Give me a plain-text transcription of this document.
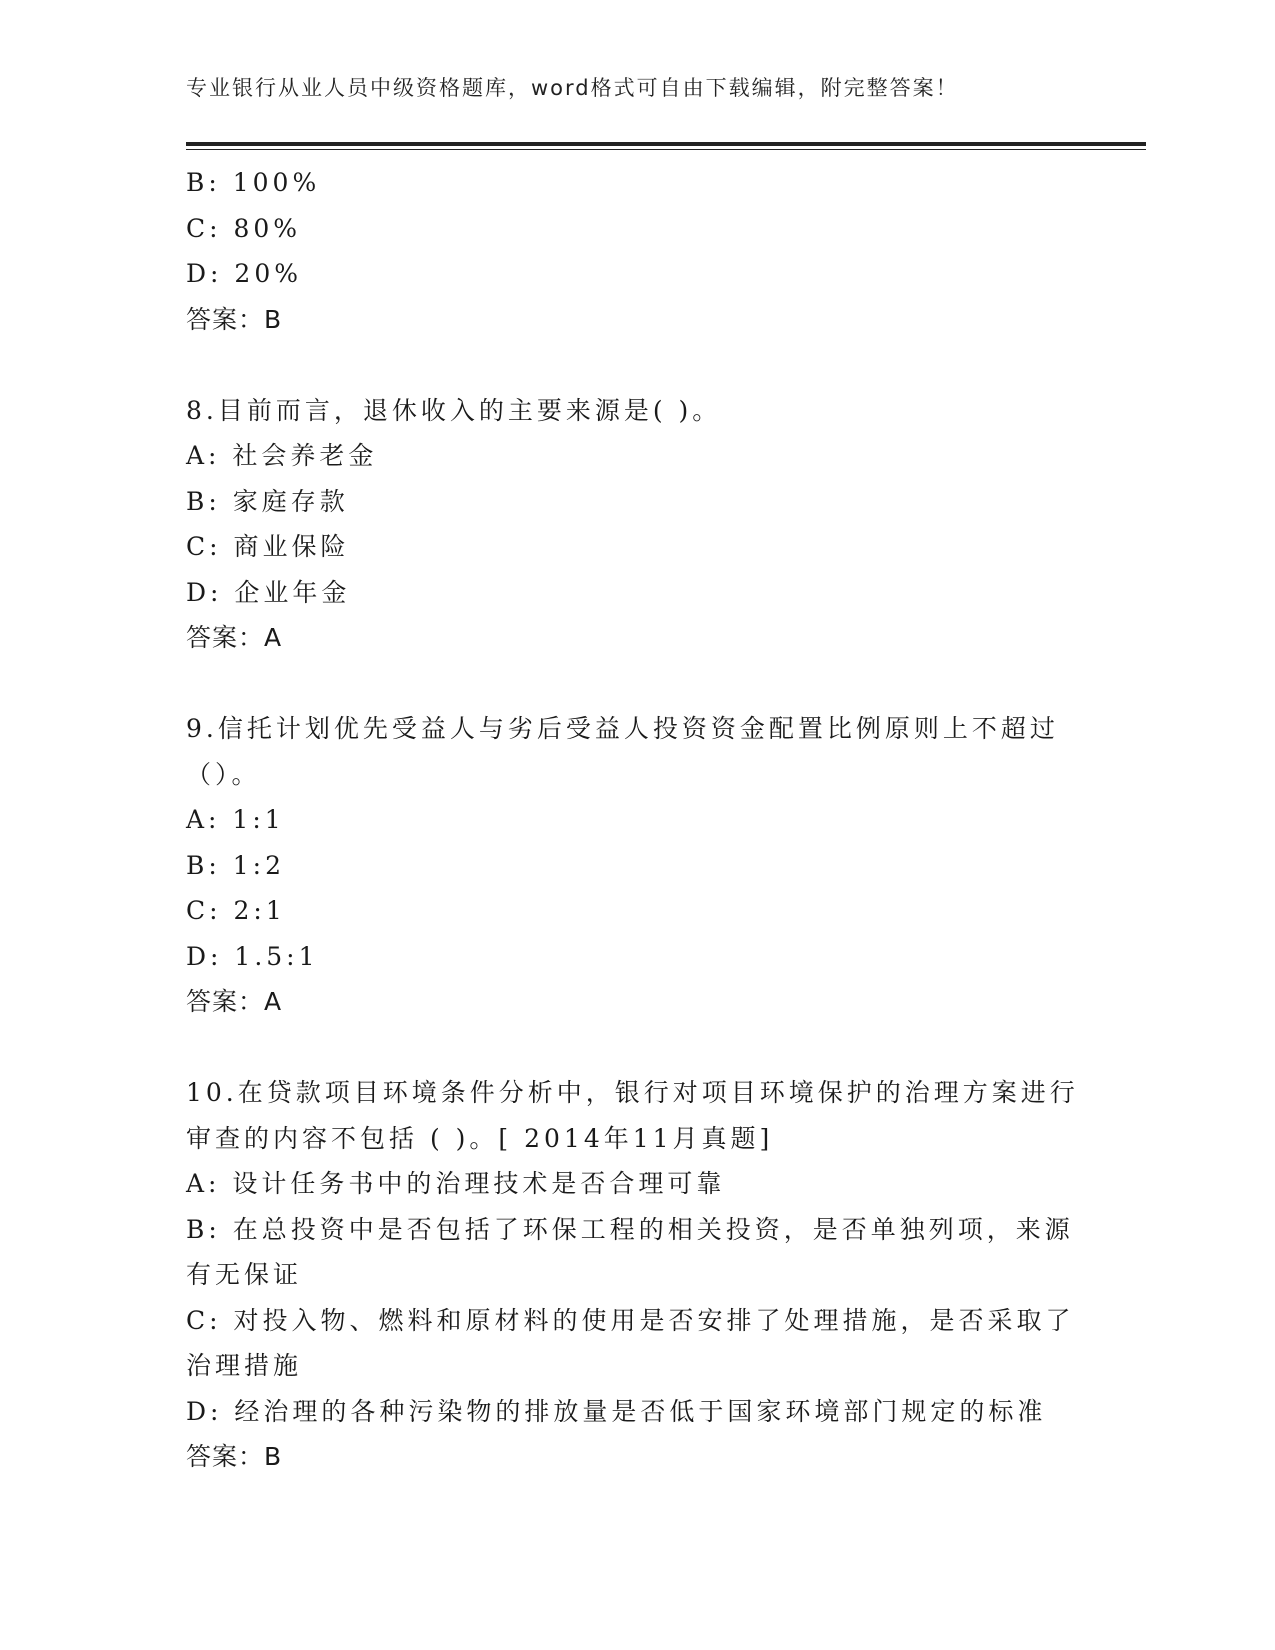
专业银行从业人员中级资格题库，word格式可自由下载编辑，附完整答案！

B: 100%

C: 80%

D: 20%

答案：B

8.目前而言，退休收入的主要来源是( )。

A: 社会养老金

B: 家庭存款

C: 商业保险

D: 企业年金

答案：A

9.信托计划优先受益人与劣后受益人投资资金配置比例原则上不超过

（）。

A: 1:1

B: 1:2

C: 2:1

D: 1.5:1

答案：A

10.在贷款项目环境条件分析中，银行对项目环境保护的治理方案进行

审查的内容不包括 ( )。[ 2014年11月真题]

A: 设计任务书中的治理技术是否合理可靠

B: 在总投资中是否包括了环保工程的相关投资，是否单独列项，来源

有无保证

C: 对投入物、燃料和原材料的使用是否安排了处理措施，是否采取了

治理措施

D: 经治理的各种污染物的排放量是否低于国家环境部门规定的标准

答案：B
